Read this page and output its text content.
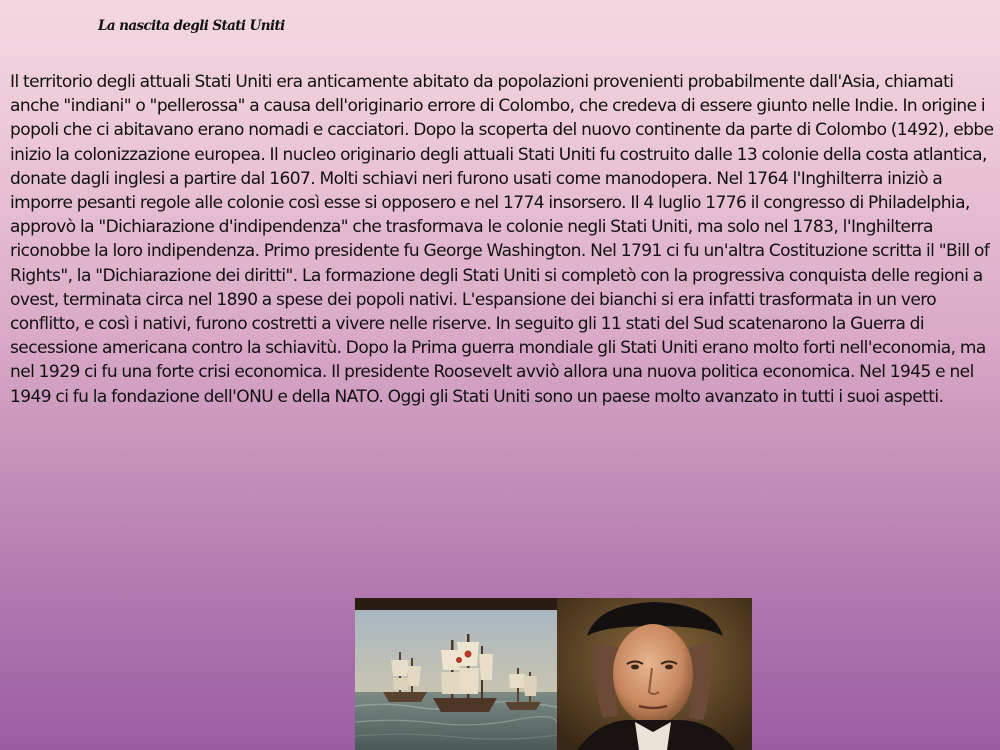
La nascita degli Stati Uniti

Il territorio degli attuali Stati Uniti era anticamente abitato da popolazioni provenienti probabilmente dall'Asia, chiamati anche "indiani" o "pellerossa" a causa dell'originario errore di Colombo, che credeva di essere giunto nelle Indie. In origine i popoli che ci abitavano erano nomadi e cacciatori. Dopo la scoperta del nuovo continente da parte di Colombo (1492), ebbe inizio la colonizzazione europea. Il nucleo originario degli attuali Stati Uniti fu costruito dalle 13 colonie della costa atlantica, donate dagli inglesi a partire dal 1607. Molti schiavi neri furono usati come manodopera. Nel 1764 l'Inghilterra iniziò a imporre pesanti regole alle colonie così esse si opposero e nel 1774 insorsero. Il 4 luglio 1776 il congresso di Philadelphia, approvò la "Dichiarazione d'indipendenza" che trasformava le colonie negli Stati Uniti, ma solo nel 1783, l'Inghilterra riconobbe la loro indipendenza. Primo presidente fu George Washington. Nel 1791 ci fu un'altra Costituzione scritta il "Bill of Rights", la "Dichiarazione dei diritti". La formazione degli Stati Uniti si completò con la progressiva conquista delle regioni a ovest, terminata circa nel 1890 a spese dei popoli nativi. L'espansione dei bianchi si era infatti trasformata in un vero conflitto, e così i nativi, furono costretti a vivere nelle riserve. In seguito gli 11 stati del Sud scatenarono la Guerra di secessione americana contro la schiavitù. Dopo la Prima guerra mondiale gli Stati Uniti erano molto forti nell'economia, ma nel 1929 ci fu una forte crisi economica. Il presidente Roosevelt avviò allora una nuova politica economica. Nel 1945 e nel 1949 ci fu la fondazione dell'ONU e della NATO. Oggi gli Stati Uniti sono un paese molto avanzato in tutti i suoi aspetti.
